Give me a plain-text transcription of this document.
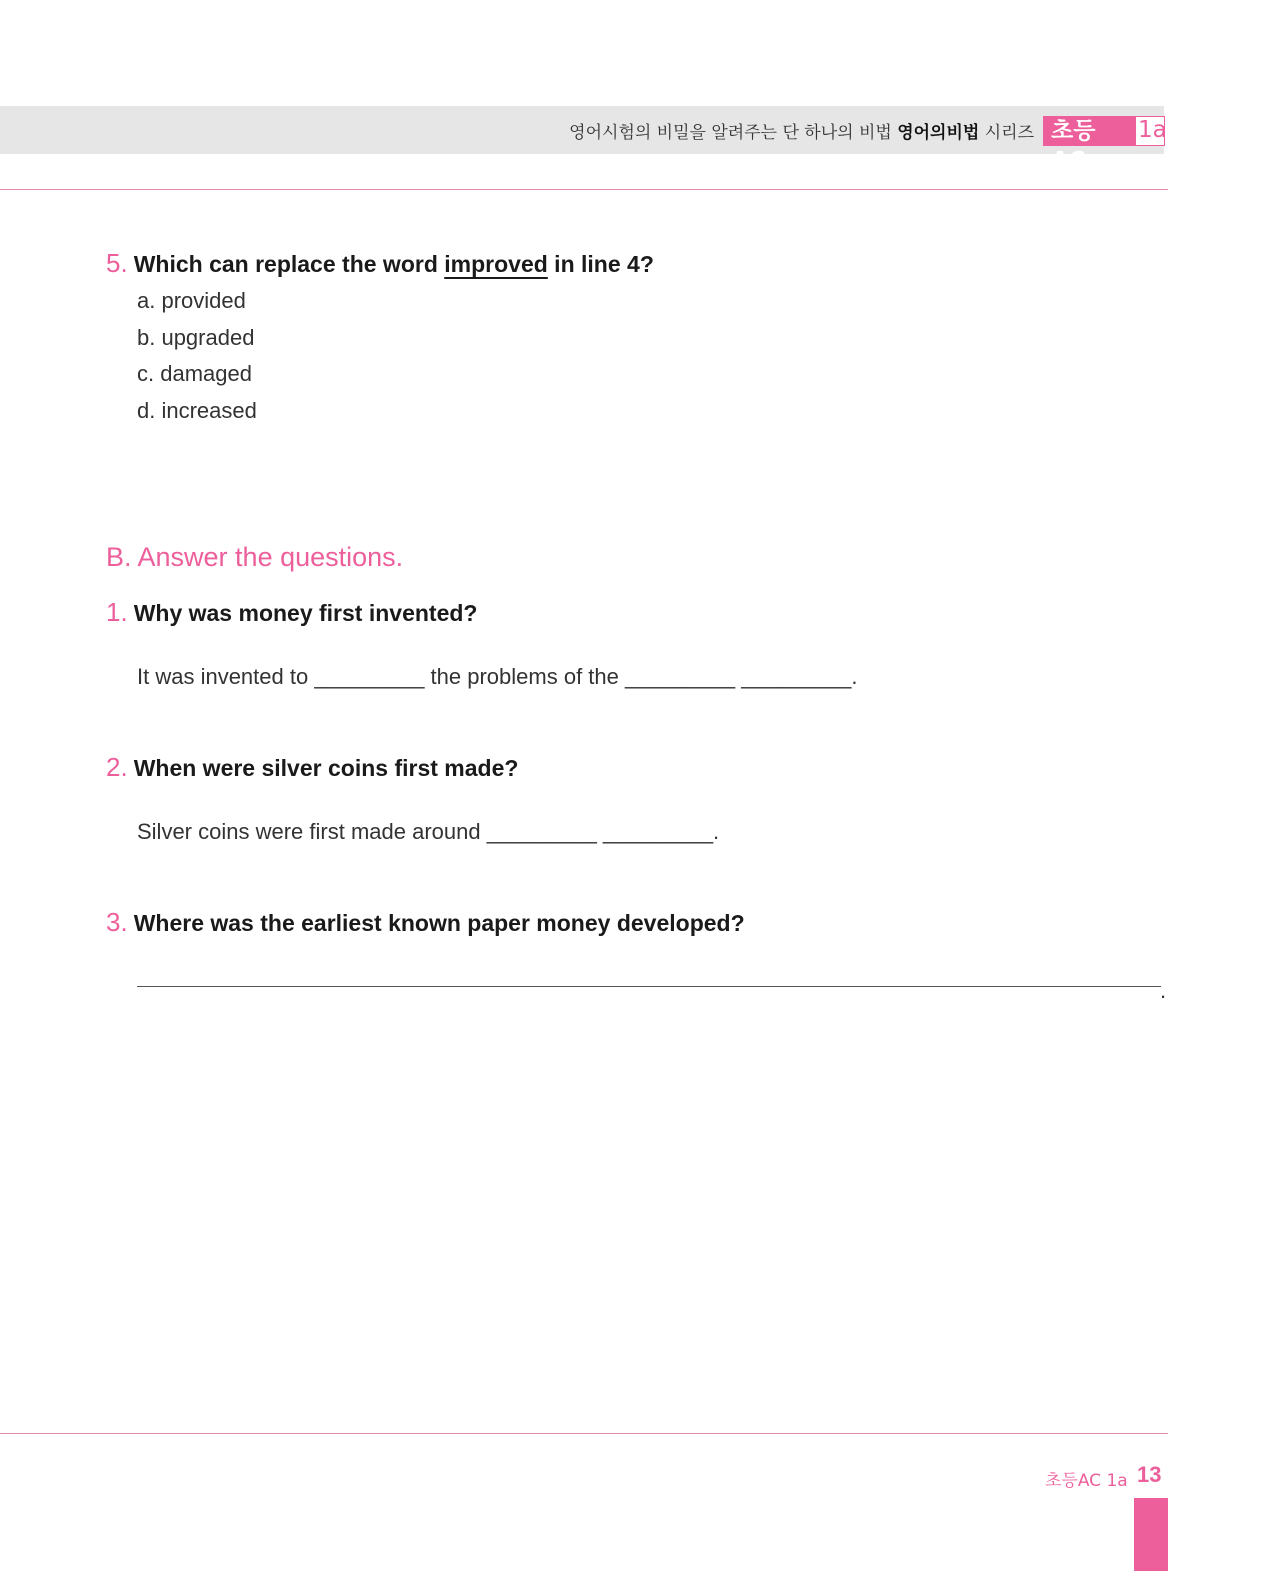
영어시험의 비밀을 알려주는 단 하나의 비법 영어의비법 시리즈 초등AC
1a
5. Which can replace the word improved in line 4?
a. provided
b. upgraded
c. damaged
d. increased
B. Answer the questions.
1. Why was money first invented?
It was invented to _________ the problems of the _________ _________.
2. When were silver coins first made?
Silver coins were first made around _________ _________.
3. Where was the earliest known paper money developed?
.
초등AC 1a 13
